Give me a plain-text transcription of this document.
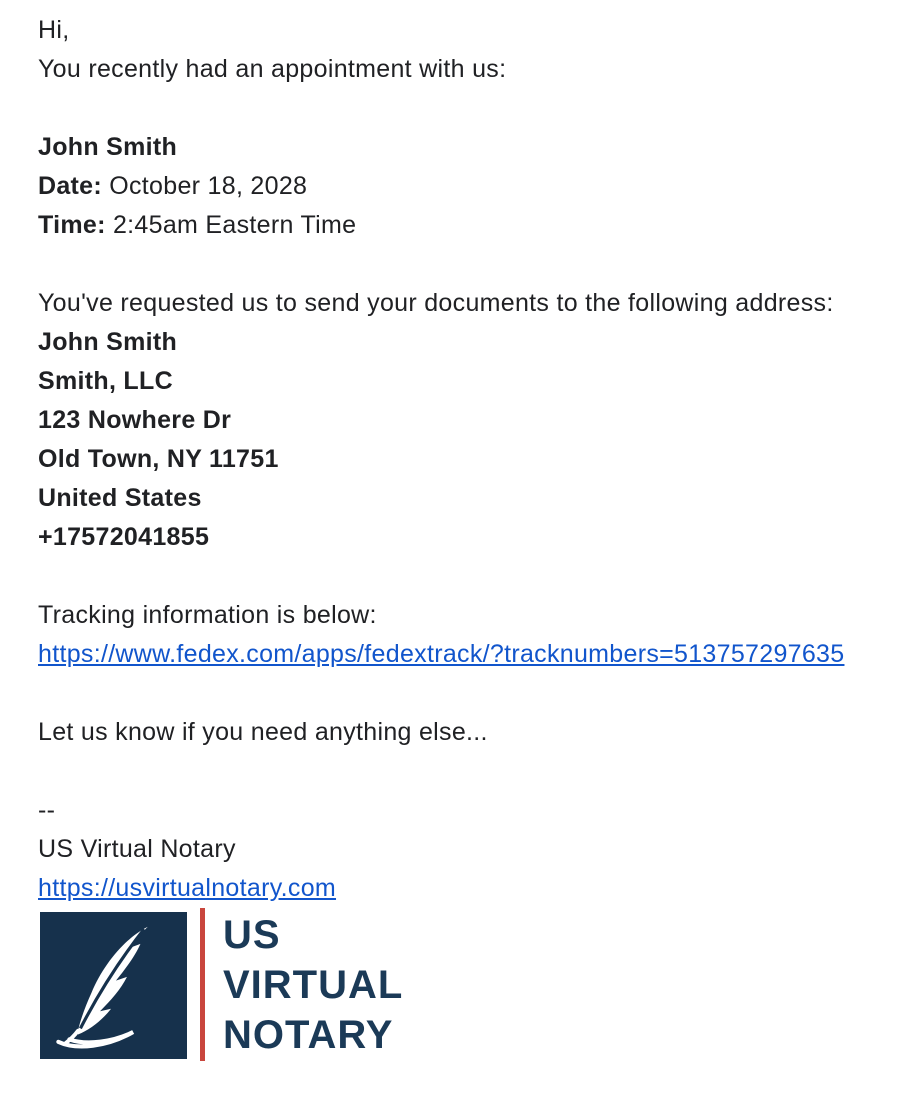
Hi,
You recently had an appointment with us:
John Smith
Date: October 18, 2028
Time: 2:45am Eastern Time
You've requested us to send your documents to the following address:
John Smith
Smith, LLC
123 Nowhere Dr
Old Town, NY 11751
United States
+17572041855
Tracking information is below:
https://www.fedex.com/apps/fedextrack/?tracknumbers=513757297635
Let us know if you need anything else...
--
US Virtual Notary
https://usvirtualnotary.com
US
VIRTUAL
NOTARY
